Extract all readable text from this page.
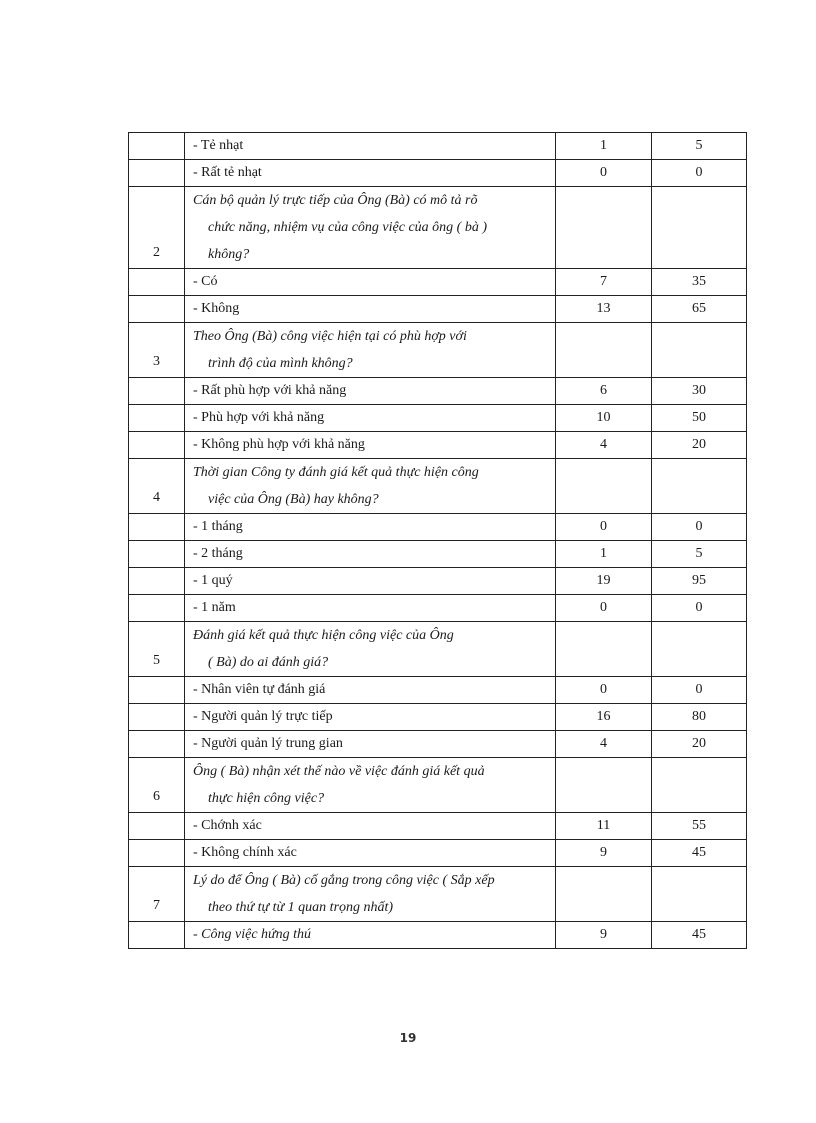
	- Tẻ nhạt	1	5
	- Rất tẻ nhạt	0	0
2	Cán bộ quản lý trực tiếp của Ông (Bà) có mô tả rõ
chức năng, nhiệm vụ của công việc của ông ( bà )
không?		

	- Có	7	35
	- Không	13	65
3	Theo Ông (Bà) công việc hiện tại có phù hợp với
trình độ của mình không?		

	- Rất phù hợp với khả năng	6	30
	- Phù hợp với khả năng	10	50
	- Không phù hợp với khả năng	4	20
4	Thời gian Công ty đánh giá kết quả thực hiện công
việc của Ông (Bà) hay không?		

	- 1 tháng	0	0
	- 2 tháng	1	5
	- 1 quý	19	95
	- 1 năm	0	0
5	Đánh giá kết quả thực hiện công việc của Ông
( Bà) do ai đánh giá?		

	- Nhân viên tự đánh giá	0	0
	- Người quản lý trực tiếp	16	80
	- Người quản lý trung gian	4	20
6	Ông ( Bà) nhận xét thế nào về việc đánh giá kết quả
thực hiện công việc?		

	- Chớnh xác	11	55
	- Không chính xác	9	45
7	Lý do để Ông ( Bà) cố gắng trong công việc ( Sắp xếp
theo thứ tự từ 1 quan trọng nhất)		

	- Công việc hứng thú	9	45
19
